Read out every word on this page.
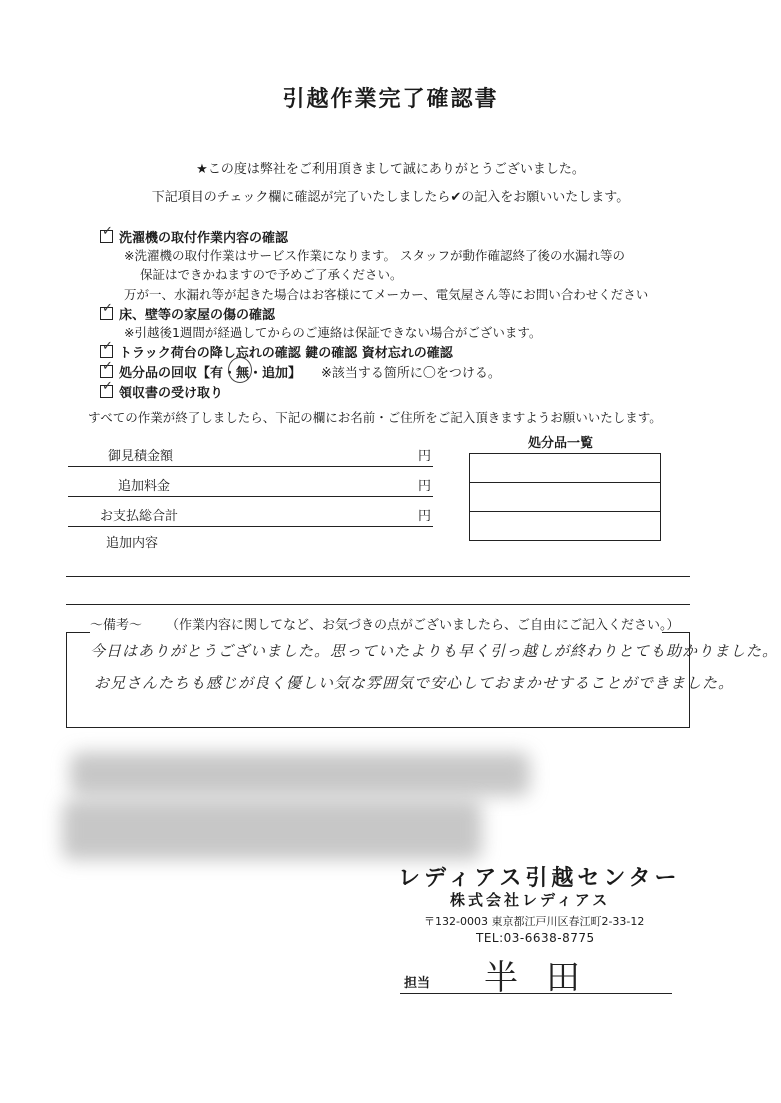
引越作業完了確認書
★この度は弊社をご利用頂きまして誠にありがとうございました。
下記項目のチェック欄に確認が完了いたしましたら✔の記入をお願いいたします。
✓ 洗濯機の取付作業内容の確認
※洗濯機の取付作業はサービス作業になります。 スタッフが動作確認終了後の水漏れ等の
保証はできかねますので予めご了承ください。
万が一、水漏れ等が起きた場合はお客様にてメーカー、電気屋さん等にお問い合わせください
✓ 床、壁等の家屋の傷の確認
※引越後1週間が経過してからのご連絡は保証できない場合がございます。
✓ トラック荷台の降し忘れの確認 鍵の確認 資材忘れの確認
✓ 処分品の回収【有・無・追加】 ※該当する箇所に〇をつける。
✓ 領収書の受け取り
すべての作業が終了しましたら、下記の欄にお名前・ご住所をご記入頂きますようお願いいたします。
御見積金額	円
追加料金	円
お支払総合計	円
追加内容
処分品一覧
～備考～ （作業内容に関してなど、お気づきの点がございましたら、ご自由にご記入ください。）
今日はありがとうございました。思っていたよりも早く引っ越しが終わりとても助かりました。
お兄さんたちも感じが良く優しい気な雰囲気で安心しておまかせすることができました。
レディアス引越センター
株式会社レディアス
〒132-0003 東京都江戸川区春江町2-33-12
TEL:03-6638-8775
担当 半田
